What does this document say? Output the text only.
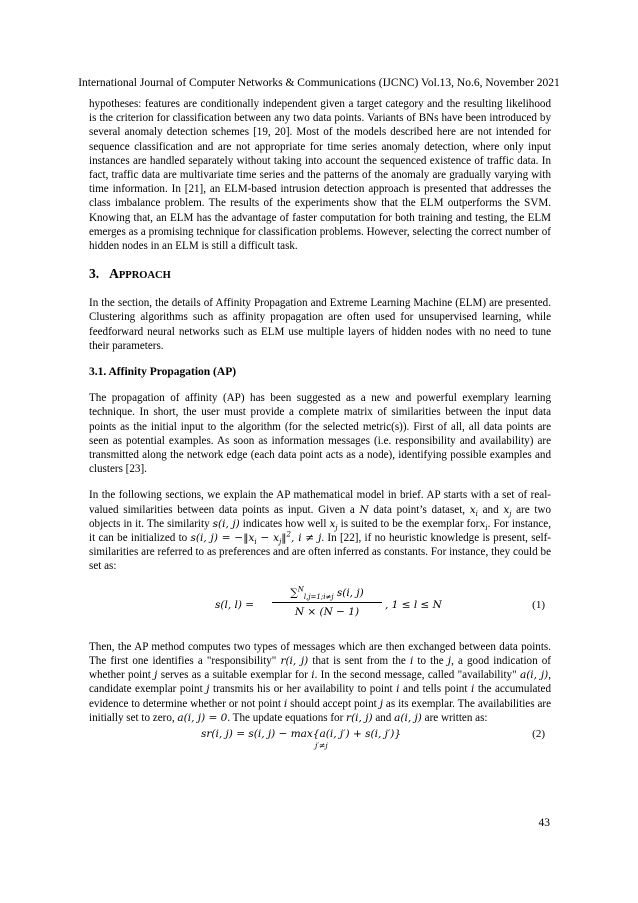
International Journal of Computer Networks & Communications (IJCNC) Vol.13, No.6, November 2021

hypotheses: features are conditionally independent given a target category and the resulting likelihood is the criterion for classification between any two data points. Variants of BNs have been introduced by several anomaly detection schemes [19, 20]. Most of the models described here are not intended for sequence classification and are not appropriate for time series anomaly detection, where only input instances are handled separately without taking into account the sequenced existence of traffic data. In fact, traffic data are multivariate time series and the patterns of the anomaly are gradually varying with time information. In [21], an ELM-based intrusion detection approach is presented that addresses the class imbalance problem. The results of the experiments show that the ELM outperforms the SVM. Knowing that, an ELM has the advantage of faster computation for both training and testing, the ELM emerges as a promising technique for classification problems. However, selecting the correct number of hidden nodes in an ELM is still a difficult task.

3. APPROACH

In the section, the details of Affinity Propagation and Extreme Learning Machine (ELM) are presented. Clustering algorithms such as affinity propagation are often used for unsupervised learning, while feedforward neural networks such as ELM use multiple layers of hidden nodes with no need to tune their parameters.

3.1. Affinity Propagation (AP)

The propagation of affinity (AP) has been suggested as a new and powerful exemplary learning technique. In short, the user must provide a complete matrix of similarities between the input data points as the initial input to the algorithm (for the selected metric(s)). First of all, all data points are seen as potential examples. As soon as information messages (i.e. responsibility and availability) are transmitted along the network edge (each data point acts as a node), identifying possible examples and clusters [23].

In the following sections, we explain the AP mathematical model in brief. AP starts with a set of real-valued similarities between data points as input. Given a N data point’s dataset, $x_i$ and $x_j$ are two objects in it. The similarity s(i, j) indicates how well $x_j$ is suited to be the exemplar forx$_i$. For instance, it can be initialized to s(i, $j) = -‖x_i$ − $x_j‖^2$, i ≠ j. In [22], if no heuristic knowledge is present, self-similarities are referred to as preferences and are often inferred as constants. For instance, they could be set as:

s(l, $l) = \frac{\sum^N_{l,j=1;i\ne j} s(i, j)}{N \times (N - 1)}$ , 1 ≤ l ≤ N	(1)

Then, the AP method computes two types of messages which are then exchanged between data points. The first one identifies a "responsibility" r(i, j) that is sent from the i to the j, a good indication of whether point j serves as a suitable exemplar for i. In the second message, called "availability" a(i, j), candidate exemplar point j transmits his or her availability to point i and tells point i the accumulated evidence to determine whether or not point i should accept point j as its exemplar. The availabilities are initially set to zero, a(i, j) = 0. The update equations for r(i, j) and a(i, j) are written as:

sr(i, j) = s(i, j) − max{a(i, j′) + s(i, j′)}
j′≠j
(2)
43
